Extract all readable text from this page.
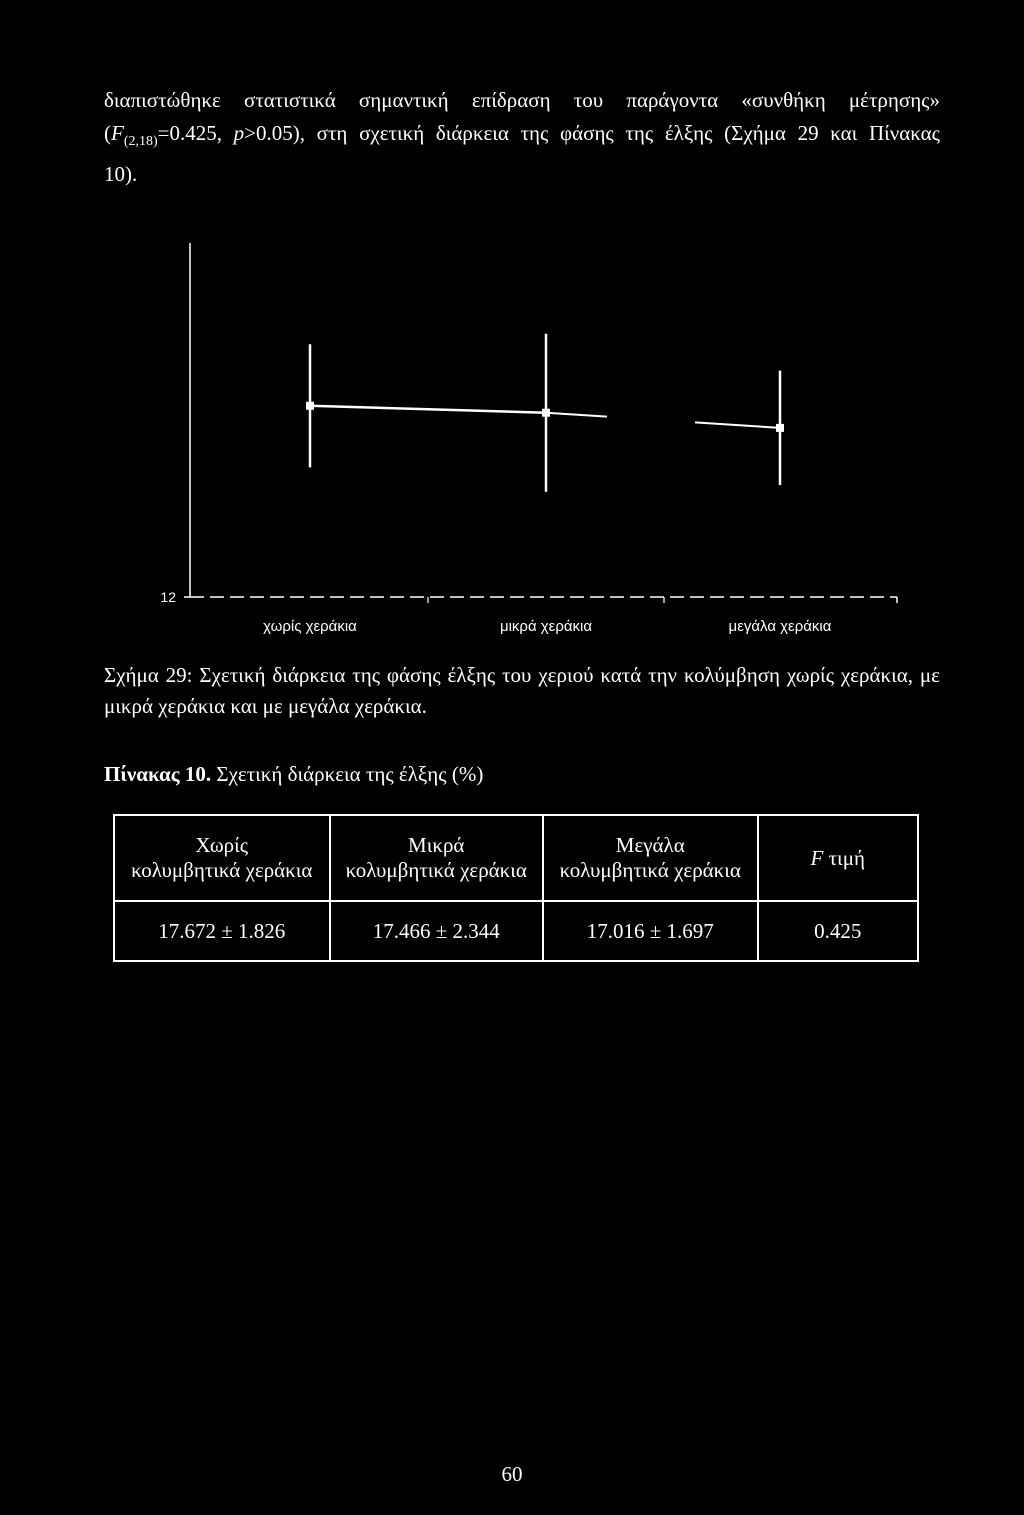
διαπιστώθηκε στατιστικά σημαντική επίδραση του παράγοντα «συνθήκη μέτρησης»
($F_{(2,18)}=0.425$, p>0.05), στη σχετική διάρκεια της φάσης της έλξης (Σχήμα 29 και Πίνακας
10).
12
χωρίς χεράκια	μικρά χεράκια	μεγάλα χεράκια
Σχήμα 29: Σχετική διάρκεια της φάσης έλξης του χεριού κατά την κολύμβηση χωρίς χεράκια, με μικρά χεράκια και με μεγάλα χεράκια.
Πίνακας 10. Σχετική διάρκεια της έλξης (%)
Χωρίς
κολυμβητικά χεράκια	Μικρά
κολυμβητικά χεράκια	Μεγάλα
κολυμβητικά χεράκια	F τιμή
17.672 ± 1.826	17.466 ± 2.344	17.016 ± 1.697	0.425
60
